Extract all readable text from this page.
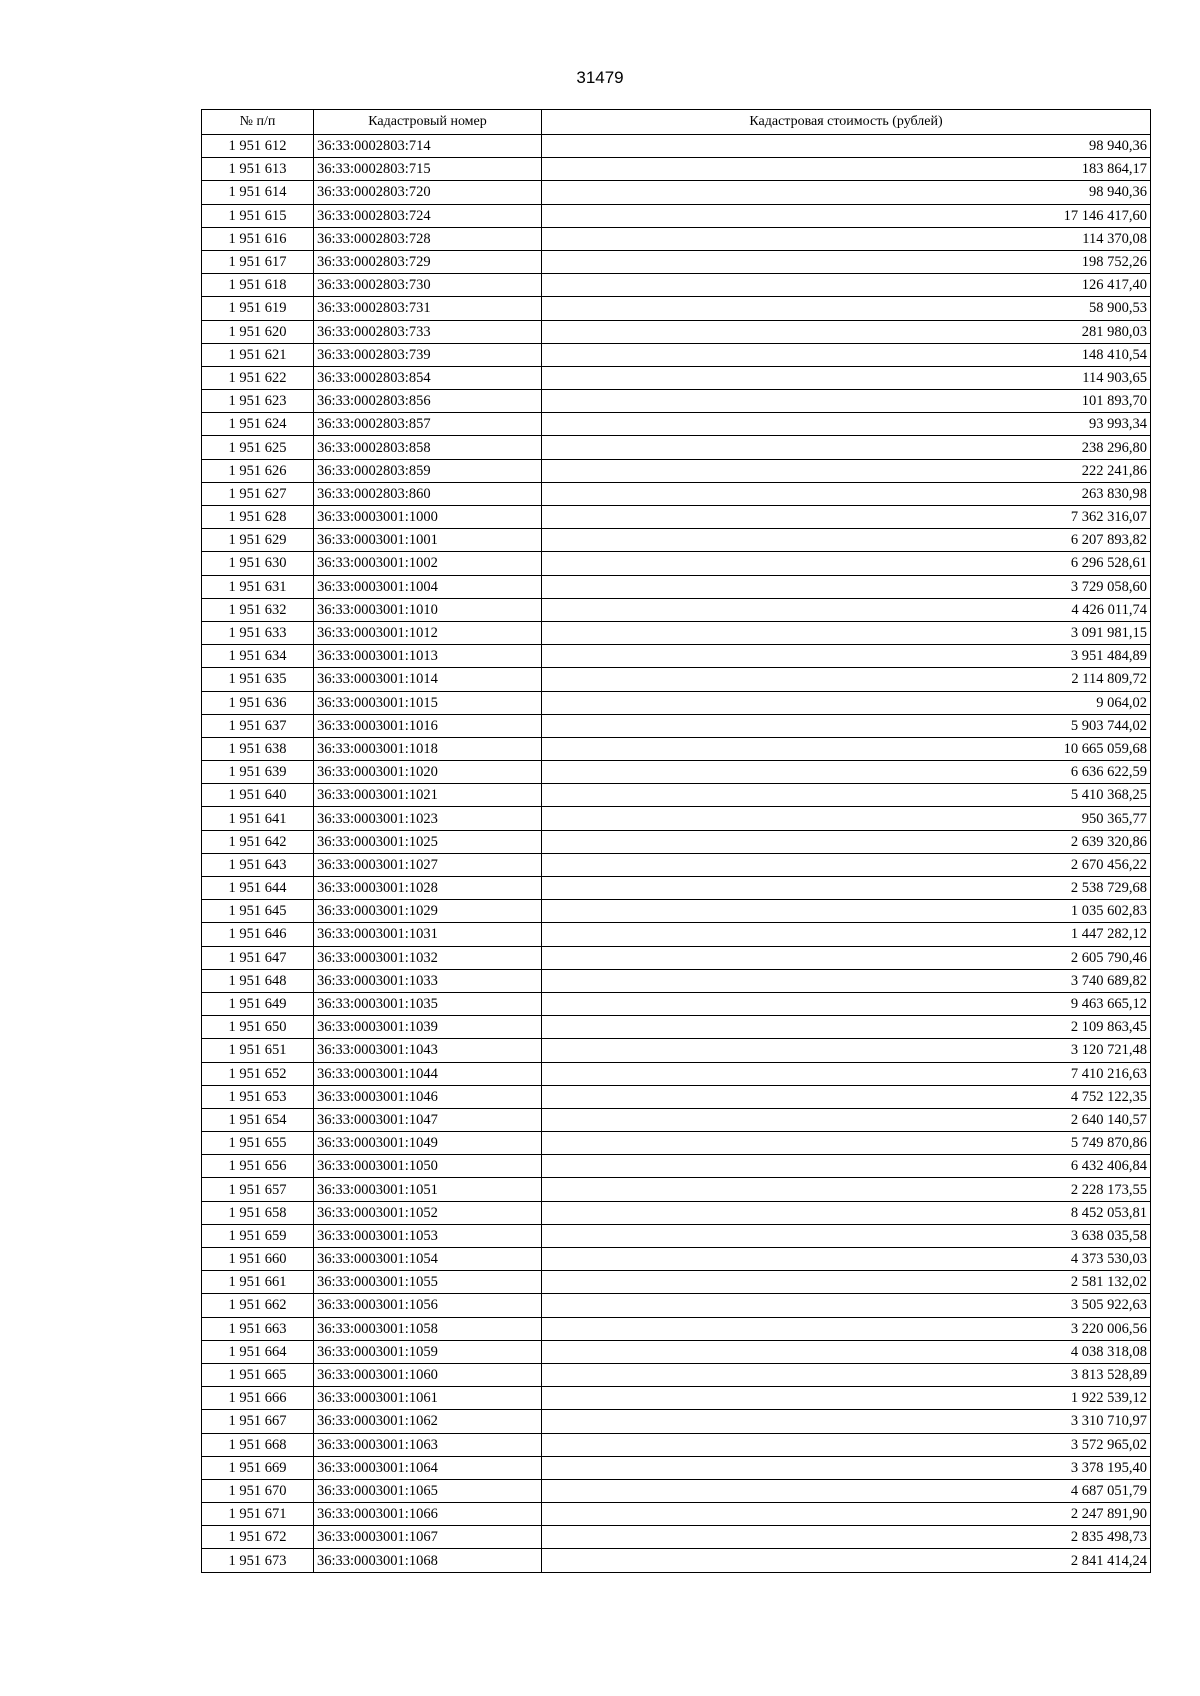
31479
№ п/п	Кадастровый номер	Кадастровая стоимость (рублей)
1 951 612	36:33:0002803:714	98 940,36
1 951 613	36:33:0002803:715	183 864,17
1 951 614	36:33:0002803:720	98 940,36
1 951 615	36:33:0002803:724	17 146 417,60
1 951 616	36:33:0002803:728	114 370,08
1 951 617	36:33:0002803:729	198 752,26
1 951 618	36:33:0002803:730	126 417,40
1 951 619	36:33:0002803:731	58 900,53
1 951 620	36:33:0002803:733	281 980,03
1 951 621	36:33:0002803:739	148 410,54
1 951 622	36:33:0002803:854	114 903,65
1 951 623	36:33:0002803:856	101 893,70
1 951 624	36:33:0002803:857	93 993,34
1 951 625	36:33:0002803:858	238 296,80
1 951 626	36:33:0002803:859	222 241,86
1 951 627	36:33:0002803:860	263 830,98
1 951 628	36:33:0003001:1000	7 362 316,07
1 951 629	36:33:0003001:1001	6 207 893,82
1 951 630	36:33:0003001:1002	6 296 528,61
1 951 631	36:33:0003001:1004	3 729 058,60
1 951 632	36:33:0003001:1010	4 426 011,74
1 951 633	36:33:0003001:1012	3 091 981,15
1 951 634	36:33:0003001:1013	3 951 484,89
1 951 635	36:33:0003001:1014	2 114 809,72
1 951 636	36:33:0003001:1015	9 064,02
1 951 637	36:33:0003001:1016	5 903 744,02
1 951 638	36:33:0003001:1018	10 665 059,68
1 951 639	36:33:0003001:1020	6 636 622,59
1 951 640	36:33:0003001:1021	5 410 368,25
1 951 641	36:33:0003001:1023	950 365,77
1 951 642	36:33:0003001:1025	2 639 320,86
1 951 643	36:33:0003001:1027	2 670 456,22
1 951 644	36:33:0003001:1028	2 538 729,68
1 951 645	36:33:0003001:1029	1 035 602,83
1 951 646	36:33:0003001:1031	1 447 282,12
1 951 647	36:33:0003001:1032	2 605 790,46
1 951 648	36:33:0003001:1033	3 740 689,82
1 951 649	36:33:0003001:1035	9 463 665,12
1 951 650	36:33:0003001:1039	2 109 863,45
1 951 651	36:33:0003001:1043	3 120 721,48
1 951 652	36:33:0003001:1044	7 410 216,63
1 951 653	36:33:0003001:1046	4 752 122,35
1 951 654	36:33:0003001:1047	2 640 140,57
1 951 655	36:33:0003001:1049	5 749 870,86
1 951 656	36:33:0003001:1050	6 432 406,84
1 951 657	36:33:0003001:1051	2 228 173,55
1 951 658	36:33:0003001:1052	8 452 053,81
1 951 659	36:33:0003001:1053	3 638 035,58
1 951 660	36:33:0003001:1054	4 373 530,03
1 951 661	36:33:0003001:1055	2 581 132,02
1 951 662	36:33:0003001:1056	3 505 922,63
1 951 663	36:33:0003001:1058	3 220 006,56
1 951 664	36:33:0003001:1059	4 038 318,08
1 951 665	36:33:0003001:1060	3 813 528,89
1 951 666	36:33:0003001:1061	1 922 539,12
1 951 667	36:33:0003001:1062	3 310 710,97
1 951 668	36:33:0003001:1063	3 572 965,02
1 951 669	36:33:0003001:1064	3 378 195,40
1 951 670	36:33:0003001:1065	4 687 051,79
1 951 671	36:33:0003001:1066	2 247 891,90
1 951 672	36:33:0003001:1067	2 835 498,73
1 951 673	36:33:0003001:1068	2 841 414,24
